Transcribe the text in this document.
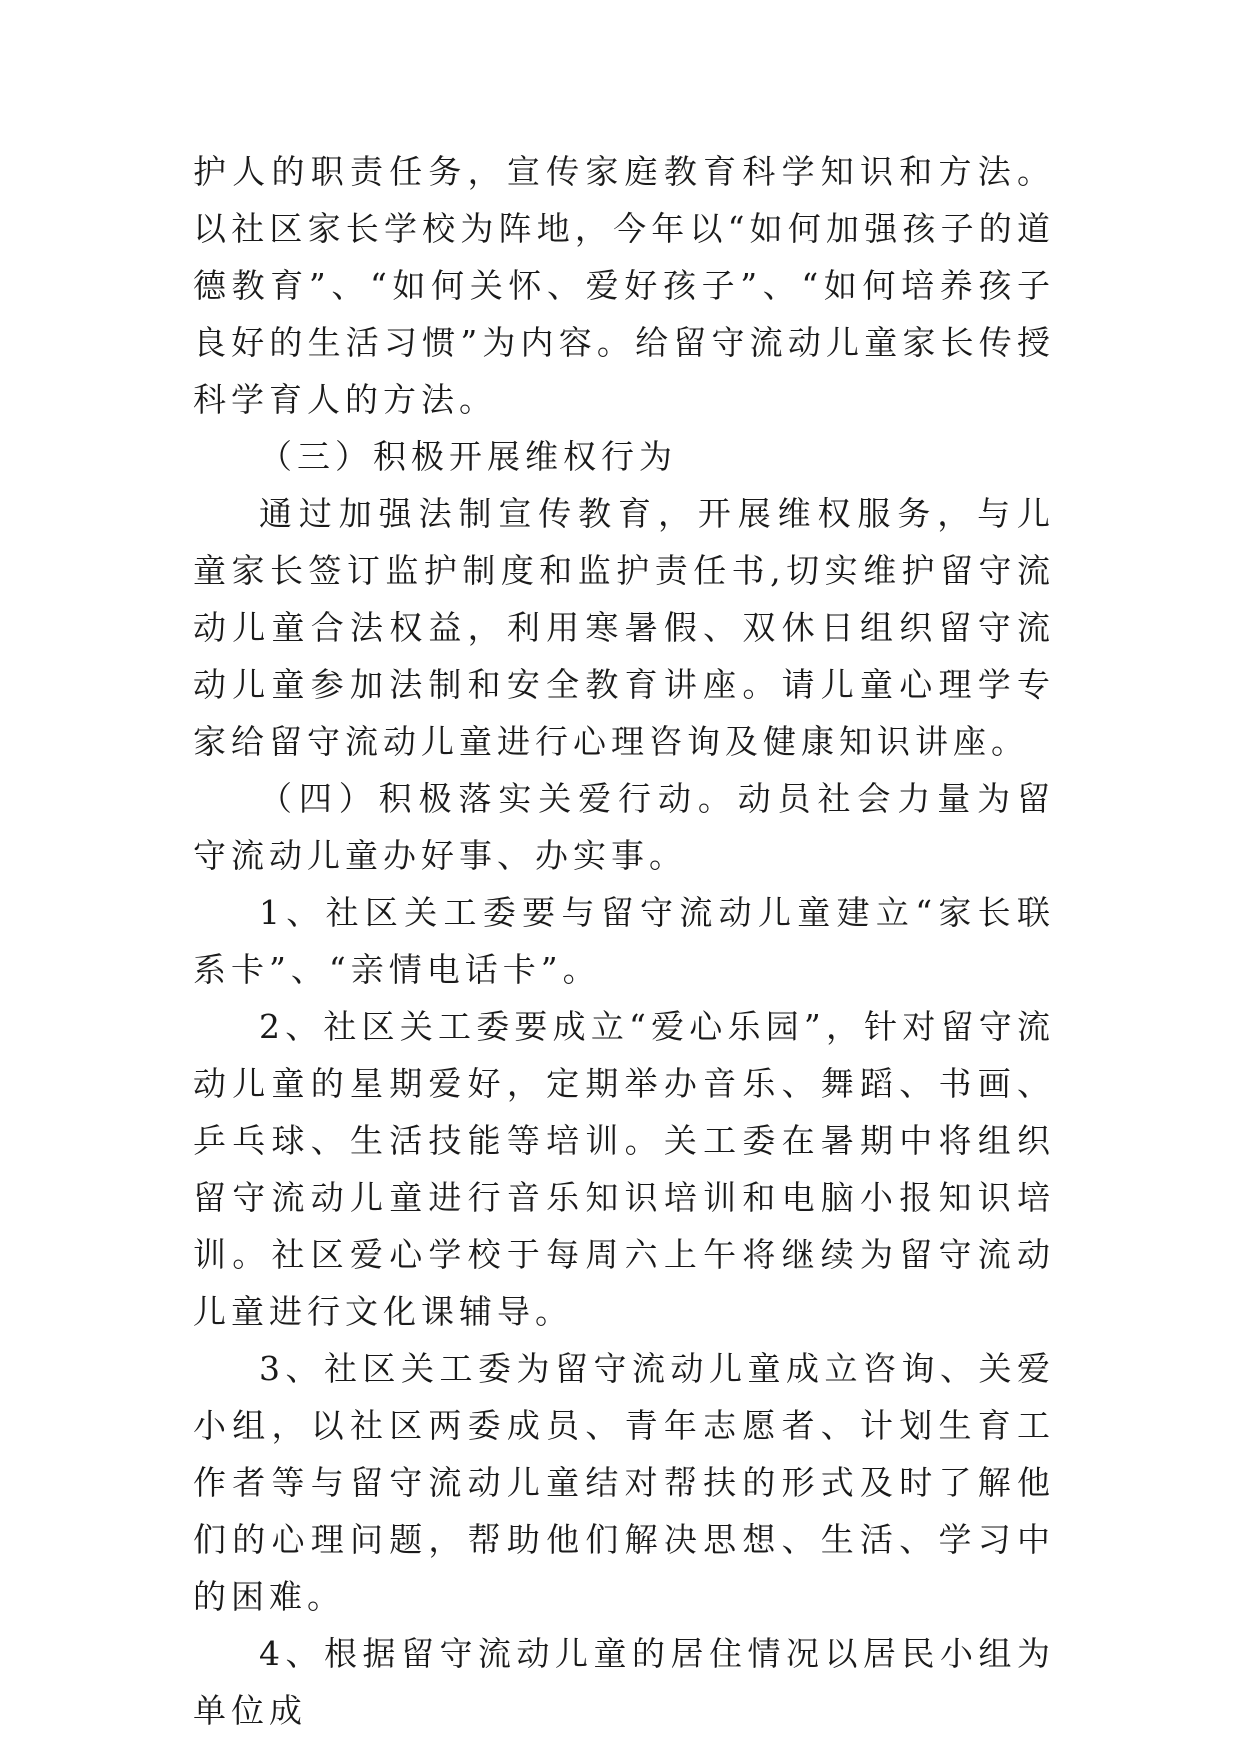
护人的职责任务，宣传家庭教育科学知识和方法。以社区家长学校为阵地，今年以“如何加强孩子的道德教育”、“如何关怀、爱好孩子”、“如何培养孩子良好的生活习惯”为内容。给留守流动儿童家长传授科学育人的方法。

（三）积极开展维权行为

通过加强法制宣传教育，开展维权服务，与儿童家长签订监护制度和监护责任书,切实维护留守流动儿童合法权益，利用寒暑假、双休日组织留守流动儿童参加法制和安全教育讲座。请儿童心理学专家给留守流动儿童进行心理咨询及健康知识讲座。

（四）积极落实关爱行动。动员社会力量为留守流动儿童办好事、办实事。

1、社区关工委要与留守流动儿童建立“家长联系卡”、“亲情电话卡”。

2、社区关工委要成立“爱心乐园”，针对留守流动儿童的星期爱好，定期举办音乐、舞蹈、书画、乒乓球、生活技能等培训。关工委在暑期中将组织留守流动儿童进行音乐知识培训和电脑小报知识培训。社区爱心学校于每周六上午将继续为留守流动儿童进行文化课辅导。

3、社区关工委为留守流动儿童成立咨询、关爱小组，以社区两委成员、青年志愿者、计划生育工作者等与留守流动儿童结对帮扶的形式及时了解他们的心理问题，帮助他们解决思想、生活、学习中的困难。

4、根据留守流动儿童的居住情况以居民小组为单位成
